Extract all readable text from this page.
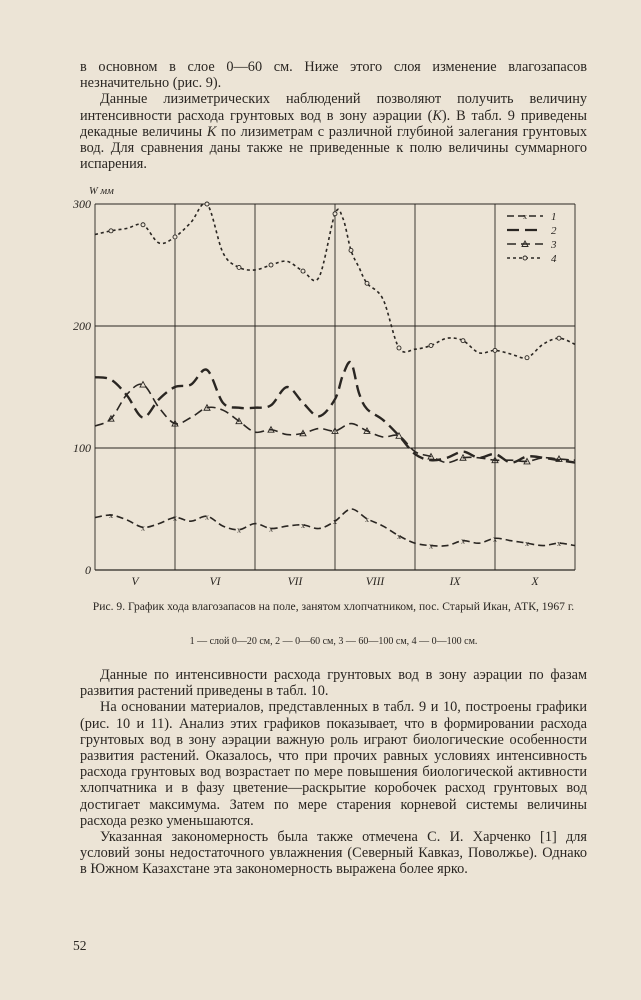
в основном в слое 0—60 см. Ниже этого слоя изменение влагозапасов незначительно (рис. 9).

Данные лизиметрических наблюдений позволяют получить величину интенсивности расхода грунтовых вод в зону аэрации (K). В табл. 9 приведены декадные величины K по лизиметрам с различной глубиной залегания грунтовых вод. Для сравнения даны также не приведенные к полю величины суммарного испарения.

0
100
200
300
W мм
V	VI	VII	VIII	IX	X
x
x
x	x
x	x	x	x	x
x
x
x	x
x	x
x 1
2
3
4
Рис. 9. График хода влагозапасов на поле, занятом хлопчатником, пос. Старый Икан, АТК, 1967 г.
1 — слой 0—20 см, 2 — 0—60 см, 3 — 60—100 см, 4 — 0—100 см.

Данные по интенсивности расхода грунтовых вод в зону аэрации по фазам развития растений приведены в табл. 10.

На основании материалов, представленных в табл. 9 и 10, построены графики (рис. 10 и 11). Анализ этих графиков показывает, что в формировании расхода грунтовых вод в зону аэрации важную роль играют биологические особенности развития растений. Оказалось, что при прочих равных условиях интенсивность расхода грунтовых вод возрастает по мере повышения биологической активности хлопчатника и в фазу цветение—раскрытие коробочек расход грунтовых вод достигает максимума. Затем по мере старения корневой системы величины расхода резко уменьшаются.

Указанная закономерность была также отмечена С. И. Харченко [1] для условий зоны недостаточного увлажнения (Северный Кавказ, Поволжье). Однако в Южном Казахстане эта закономерность выражена более ярко.

52
